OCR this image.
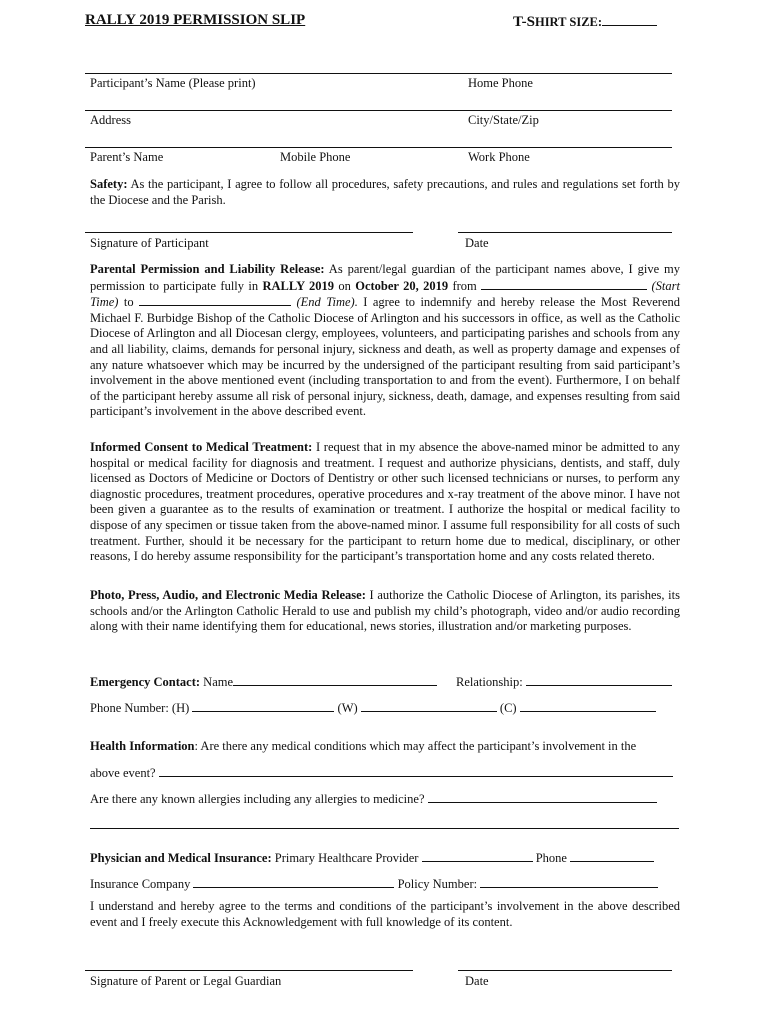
RALLY 2019 PERMISSION SLIP	T-SHIRT SIZE:
Participant’s Name (Please print)	Home Phone
Address	City/State/Zip
Parent’s Name	Mobile Phone	Work Phone
Safety: As the participant, I agree to follow all procedures, safety precautions, and rules and regulations set forth by the Diocese and the Parish.
Signature of Participant	Date
Parental Permission and Liability Release: As parent/legal guardian of the participant names above, I give my permission to participate fully in RALLY 2019 on October 20, 2019 from	(Start Time) to	(End Time). I agree to indemnify and hereby release the Most Reverend Michael F. Burbidge Bishop of the Catholic Diocese of Arlington and his successors in office, as well as the Catholic Diocese of Arlington and all Diocesan clergy, employees, volunteers, and participating parishes and schools from any and all liability, claims, demands for personal injury, sickness and death, as well as property damage and expenses of any nature whatsoever which may be incurred by the undersigned of the participant resulting from said participant’s involvement in the above mentioned event (including transportation to and from the event). Furthermore, I on behalf of the participant hereby assume all risk of personal injury, sickness, death, damage, and expenses resulting from said participant’s involvement in the above described event.
Informed Consent to Medical Treatment: I request that in my absence the above-named minor be admitted to any hospital or medical facility for diagnosis and treatment. I request and authorize physicians, dentists, and staff, duly licensed as Doctors of Medicine or Doctors of Dentistry or other such licensed technicians or nurses, to perform any diagnostic procedures, treatment procedures, operative procedures and x-ray treatment of the above minor. I have not been given a guarantee as to the results of examination or treatment. I authorize the hospital or medical facility to dispose of any specimen or tissue taken from the above-named minor. I assume full responsibility for all costs of such treatment. Further, should it be necessary for the participant to return home due to medical, disciplinary, or other reasons, I do hereby assume responsibility for the participant’s transportation home and any costs related thereto.
Photo, Press, Audio, and Electronic Media Release: I authorize the Catholic Diocese of Arlington, its parishes, its schools and/or the Arlington Catholic Herald to use and publish my child’s photograph, video and/or audio recording along with their name identifying them for educational, news stories, illustration and/or marketing purposes.
Emergency Contact: Name	Relationship:
Phone Number: (H)	(W)	(C)
Health Information: Are there any medical conditions which may affect the participant’s involvement in the
above event?
Are there any known allergies including any allergies to medicine?
Physician and Medical Insurance: Primary Healthcare Provider	Phone
Insurance Company	Policy Number:
I understand and hereby agree to the terms and conditions of the participant’s involvement in the above described event and I freely execute this Acknowledgement with full knowledge of its content.
Signature of Parent or Legal Guardian	Date
